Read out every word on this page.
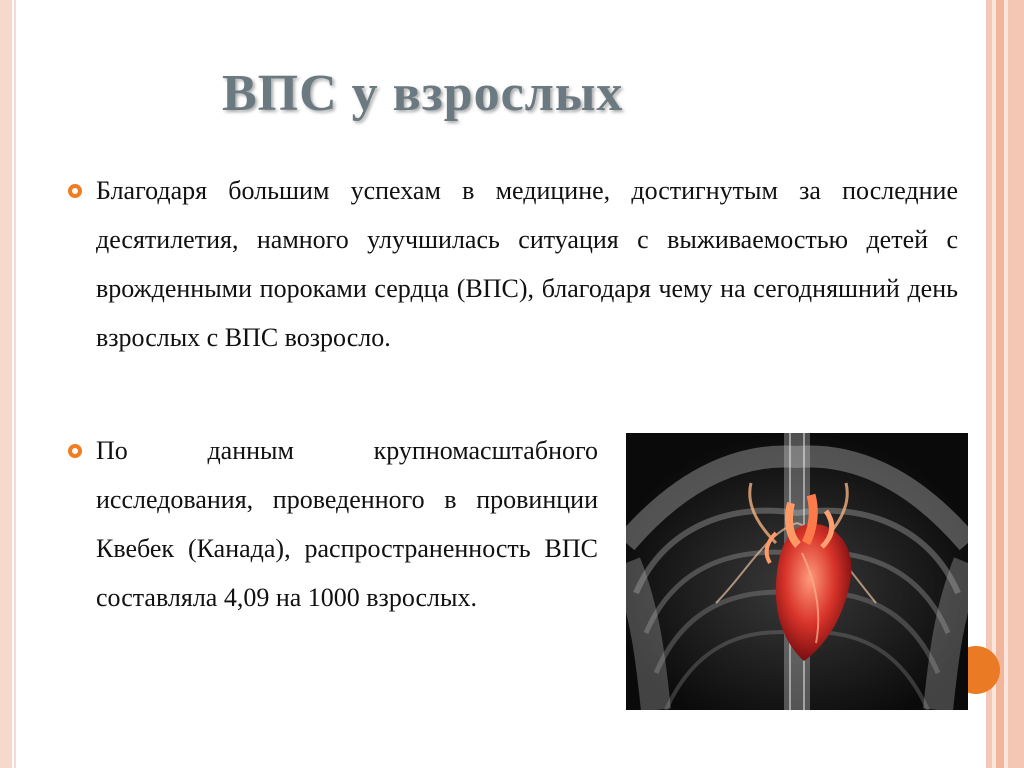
ВПС у взрослых
Благодаря большим успехам в медицине, достигнутым за последние десятилетия, намного улучшилась ситуация с выживаемостью детей с врожденными пороками сердца (ВПС), благодаря чему на сегодняшний день взрослых с ВПС возросло.
По данным крупномасштабного исследования, проведенного в провинции Квебек (Канада), распространенность ВПС составляла 4,09 на 1000 взрослых.
